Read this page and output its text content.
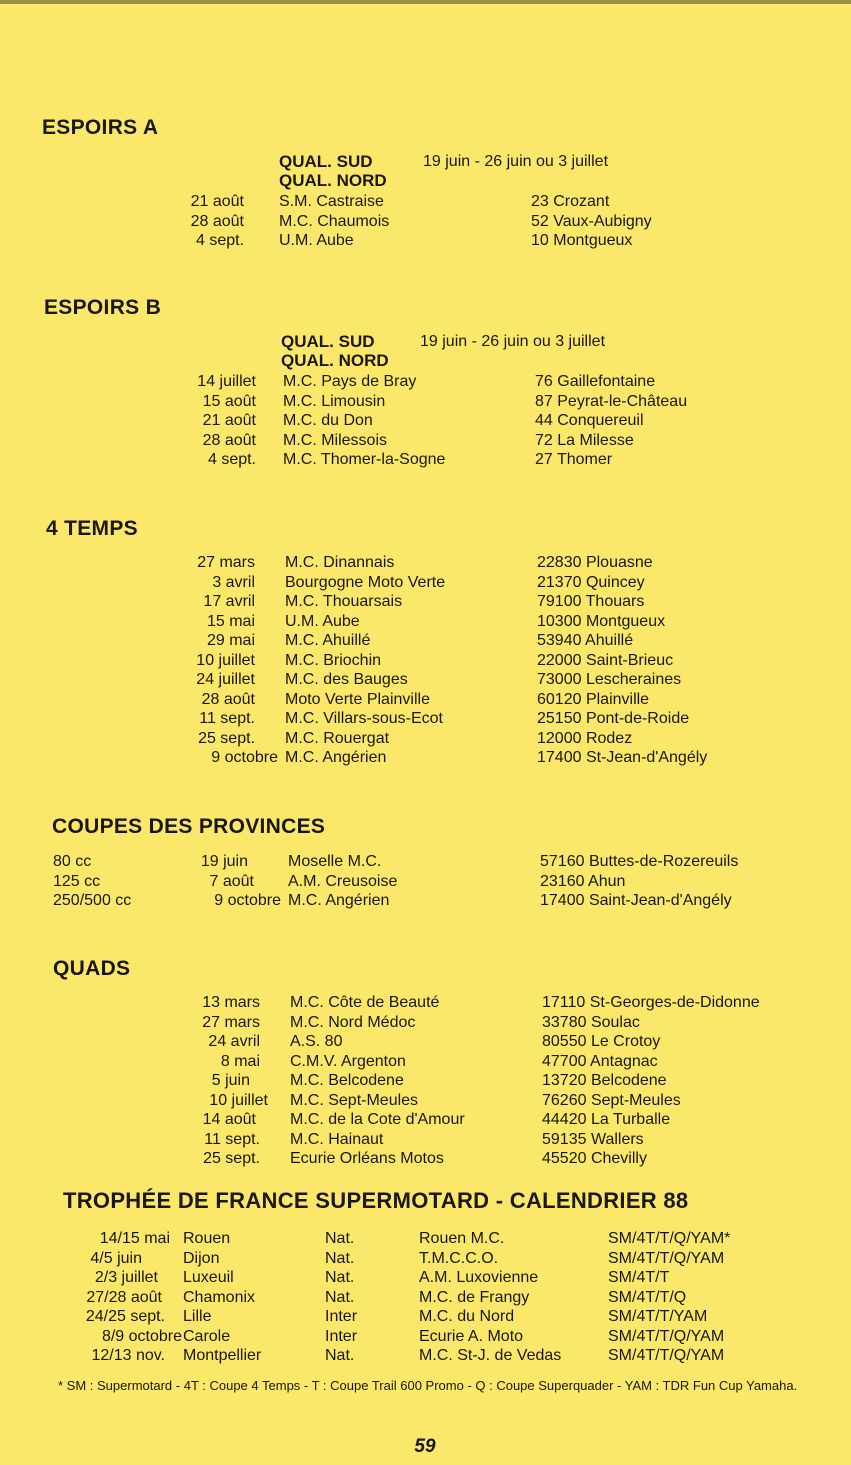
ESPOIRS A
QUAL. SUD
QUAL. NORD
19 juin - 26 juin ou 3 juillet
21 août S.M. Castraise	23 Crozant
28 août M.C. Chaumois	52 Vaux-Aubigny
4 sept. U.M. Aube	10 Montgueux
ESPOIRS B
QUAL. SUD
QUAL. NORD
19 juin - 26 juin ou 3 juillet
14 juillet M.C. Pays de Bray	76 Gaillefontaine
15 août M.C. Limousin	87 Peyrat-le-Château
21 août M.C. du Don	44 Conquereuil
28 août M.C. Milessois	72 La Milesse
4 sept. M.C. Thomer-la-Sogne	27 Thomer
4 TEMPS
27 mars M.C. Dinannais	22830 Plouasne
3 avril Bourgogne Moto Verte	21370 Quincey
17 avril M.C. Thouarsais	79100 Thouars
15 mai U.M. Aube	10300 Montgueux
29 mai M.C. Ahuillé	53940 Ahuillé
10 juillet M.C. Briochin	22000 Saint-Brieuc
24 juillet M.C. des Bauges	73000 Lescheraines
28 août Moto Verte Plainville	60120 Plainville
11 sept. M.C. Villars-sous-Ecot	25150 Pont-de-Roide
25 sept. M.C. Rouergat	12000 Rodez
9 octobre M.C. Angérien	17400 St-Jean-d'Angély
COUPES DES PROVINCES
80 cc	19 juin	Moselle M.C.	57160 Buttes-de-Rozereuils
125 cc	7 août A.M. Creusoise	23160 Ahun
250/500 cc	9 octobre M.C. Angérien	17400 Saint-Jean-d'Angély
QUADS
13 mars M.C. Côte de Beauté	17110 St-Georges-de-Didonne
27 mars M.C. Nord Médoc	33780 Soulac
24 avril A.S. 80	80550 Le Crotoy
8 mai C.M.V. Argenton	47700 Antagnac
5 juin	M.C. Belcodene	13720 Belcodene
10 juillet M.C. Sept-Meules	76260 Sept-Meules
14 août M.C. de la Cote d'Amour	44420 La Turballe
11 sept. M.C. Hainaut	59135 Wallers
25 sept. Ecurie Orléans Motos	45520 Chevilly
TROPHÉE DE FRANCE SUPERMOTARD - CALENDRIER 88
14/15 mai Rouen	Nat.	Rouen M.C.	SM/4T/T/Q/YAM*
4/5 juin	Dijon	Nat.	T.M.C.C.O.	SM/4T/T/Q/YAM
2/3 juillet Luxeuil	Nat.	A.M. Luxovienne	SM/4T/T
27/28 août Chamonix	Nat.	M.C. de Frangy	SM/4T/T/Q
24/25 sept. Lille	Inter	M.C. du Nord	SM/4T/T/YAM
8/9 octobre Carole	Inter	Ecurie A. Moto	SM/4T/T/Q/YAM
12/13 nov. Montpellier	Nat.	M.C. St-J. de Vedas	SM/4T/T/Q/YAM
* SM : Supermotard - 4T : Coupe 4 Temps - T : Coupe Trail 600 Promo - Q : Coupe Superquader - YAM : TDR Fun Cup Yamaha.
59
